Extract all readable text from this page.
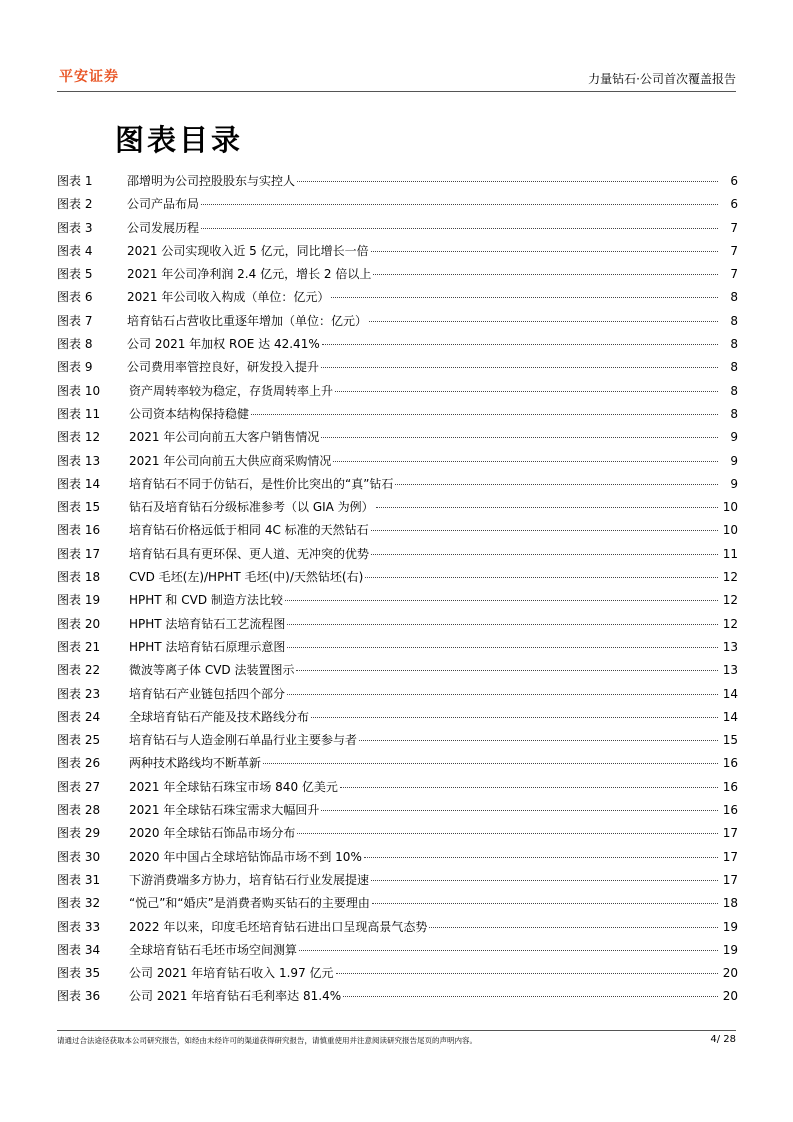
平安证券	力量钻石·公司首次覆盖报告
图表目录
图表 1	邵增明为公司控股股东与实控人	6
图表 2	公司产品布局	6
图表 3	公司发展历程	7
图表 4	2021 公司实现收入近 5 亿元，同比增长一倍	7
图表 5	2021 年公司净利润 2.4 亿元，增长 2 倍以上	7
图表 6	2021 年公司收入构成（单位：亿元）	8
图表 7	培育钻石占营收比重逐年增加（单位：亿元）	8
图表 8	公司 2021 年加权 ROE 达 42.41%	8
图表 9	公司费用率管控良好，研发投入提升	8
图表 10	资产周转率较为稳定，存货周转率上升	8
图表 11	公司资本结构保持稳健	8
图表 12	2021 年公司向前五大客户销售情况	9
图表 13	2021 年公司向前五大供应商采购情况	9
图表 14	培育钻石不同于仿钻石，是性价比突出的“真”钻石	9
图表 15	钻石及培育钻石分级标准参考（以 GIA 为例）	10
图表 16	培育钻石价格远低于相同 4C 标准的天然钻石	10
图表 17	培育钻石具有更环保、更人道、无冲突的优势	11
图表 18	CVD 毛坯(左)/HPHT 毛坯(中)/天然钻坯(右)	12
图表 19	HPHT 和 CVD 制造方法比较	12
图表 20	HPHT 法培育钻石工艺流程图	12
图表 21	HPHT 法培育钻石原理示意图	13
图表 22	微波等离子体 CVD 法装置图示	13
图表 23	培育钻石产业链包括四个部分	14
图表 24	全球培育钻石产能及技术路线分布	14
图表 25	培育钻石与人造金刚石单晶行业主要参与者	15
图表 26	两种技术路线均不断革新	16
图表 27	2021 年全球钻石珠宝市场 840 亿美元	16
图表 28	2021 年全球钻石珠宝需求大幅回升	16
图表 29	2020 年全球钻石饰品市场分布	17
图表 30	2020 年中国占全球培钻饰品市场不到 10%	17
图表 31	下游消费端多方协力，培育钻石行业发展提速	17
图表 32	“悦己”和“婚庆”是消费者购买钻石的主要理由	18
图表 33	2022 年以来，印度毛坯培育钻石进出口呈现高景气态势	19
图表 34	全球培育钻石毛坯市场空间测算	19
图表 35	公司 2021 年培育钻石收入 1.97 亿元	20
图表 36	公司 2021 年培育钻石毛利率达 81.4%	20
请通过合法途径获取本公司研究报告，如经由未经许可的渠道获得研究报告，请慎重使用并注意阅读研究报告尾页的声明内容。	4/ 28
